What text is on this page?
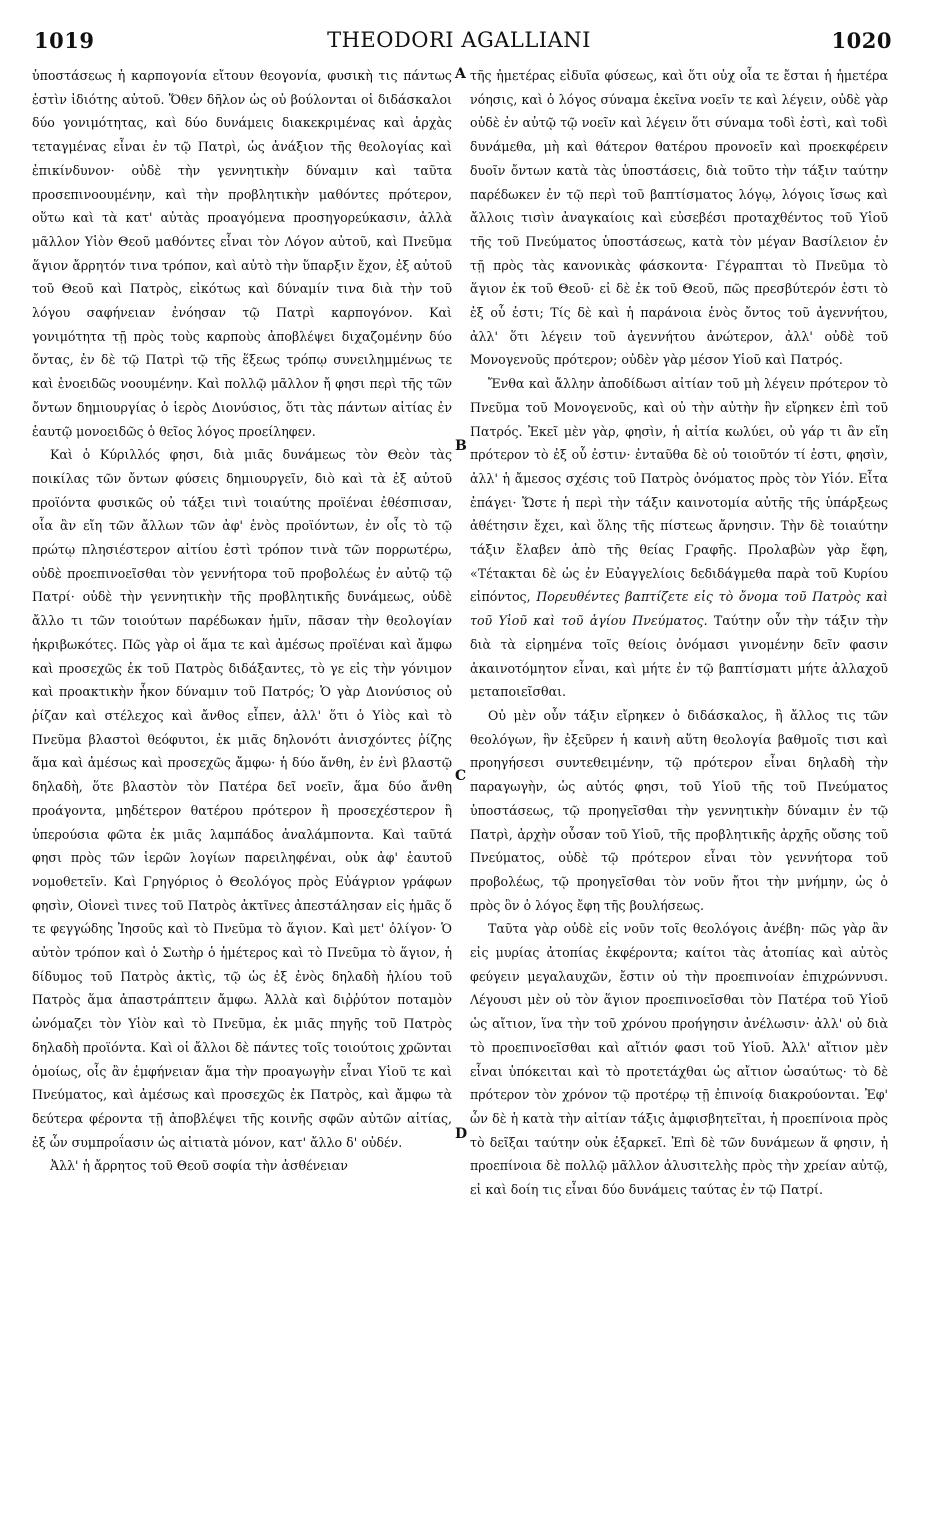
1019	THEODORI AGALLIANI	1020

ὑποστάσεως ἡ καρπογονία εἴτουν θεογονία, φυσικὴ τις πάντως ἐστὶν ἰδιότης αὐτοῦ. Ὅθεν δῆλον ὡς οὐ βούλονται οἱ διδάσκαλοι δύο γονιμότητας, καὶ δύο δυνάμεις διακεκριμένας καὶ ἀρχὰς τεταγμένας εἶναι ἐν τῷ Πατρὶ, ὡς ἀνάξιον τῆς θεολογίας καὶ ἐπικίνδυνον· οὐδὲ τὴν γεννητικὴν δύναμιν καὶ ταῦτα προσεπινοουμένην, καὶ τὴν προβλητικὴν μαθόντες πρότερον, οὕτω καὶ τὰ κατ' αὐτὰς προαγόμενα προσηγορεύκασιν, ἀλλὰ μᾶλλον Υἱὸν Θεοῦ μαθόντες εἶναι τὸν Λόγον αὐτοῦ, καὶ Πνεῦμα ἅγιον ἄρρητόν τινα τρόπον, καὶ αὐτὸ τὴν ὕπαρξιν ἔχον, ἐξ αὐτοῦ τοῦ Θεοῦ καὶ Πατρὸς, εἰκότως καὶ δύναμίν τινα διὰ τὴν τοῦ λόγου σαφήνειαν ἐνόησαν τῷ Πατρὶ καρπογόνον. Καὶ γονιμότητα τῇ πρὸς τοὺς καρποὺς ἀποβλέψει διχαζομένην δύο ὄντας, ἐν δὲ τῷ Πατρὶ τῷ τῆς ἕξεως τρόπῳ συνειλημμένως τε καὶ ἑνοειδῶς νοουμένην. Καὶ πολλῷ μᾶλλον ἤ φησι περὶ τῆς τῶν ὄντων δημιουργίας ὁ ἱερὸς Διονύσιος, ὅτι τὰς πάντων αἰτίας ἐν ἑαυτῷ μονοειδῶς ὁ θεῖος λόγος προείληφεν.

Καὶ ὁ Κύριλλός φησι, διὰ μιᾶς δυνάμεως τὸν Θεὸν τὰς ποικίλας τῶν ὄντων φύσεις δημιουργεῖν, διὸ καὶ τὰ ἐξ αὐτοῦ προϊόντα φυσικῶς οὐ τάξει τινὶ τοιαύτης προϊέναι ἐθέσπισαν, οἷα ἂν εἴη τῶν ἄλλων τῶν ἀφ' ἑνὸς προϊόντων, ἐν οἷς τὸ τῷ πρώτῳ πλησιέστερον αἰτίου ἐστὶ τρόπον τινὰ τῶν πορρωτέρω, οὐδὲ προεπινοεῖσθαι τὸν γεννήτορα τοῦ προβολέως ἐν αὐτῷ τῷ Πατρί· οὐδὲ τὴν γεννητικὴν τῆς προβλητικῆς δυνάμεως, οὐδὲ ἄλλο τι τῶν τοιούτων παρέδωκαν ἡμῖν, πᾶσαν τὴν θεολογίαν ἠκριβωκότες. Πῶς γὰρ οἱ ἅμα τε καὶ ἀμέσως προϊέναι καὶ ἄμφω καὶ προσεχῶς ἐκ τοῦ Πατρὸς διδάξαντες, τὸ γε εἰς τὴν γόνιμον καὶ προακτικὴν ἧκον δύναμιν τοῦ Πατρός; Ὁ γὰρ Διονύσιος οὐ ῥίζαν καὶ στέλεχος καὶ ἄνθος εἶπεν, ἀλλ' ὅτι ὁ Υἱὸς καὶ τὸ Πνεῦμα βλαστοὶ θεόφυτοι, ἐκ μιᾶς δηλονότι ἀνισχόντες ῥίζης ἅμα καὶ ἀμέσως καὶ προσεχῶς ἄμφω· ἡ δύο ἄνθη, ἐν ἑνὶ βλαστῷ δηλαδὴ, ὅτε βλαστὸν τὸν Πατέρα δεῖ νοεῖν, ἅμα δύο ἄνθη προάγοντα, μηδέτερον θατέρου πρότερον ἢ προσεχέστερον ἢ ὑπερούσια φῶτα ἐκ μιᾶς λαμπάδος ἀναλάμποντα. Καὶ ταῦτά φησι πρὸς τῶν ἱερῶν λογίων παρειληφέναι, οὐκ ἀφ' ἑαυτοῦ νομοθετεῖν. Καὶ Γρηγόριος ὁ Θεολόγος πρὸς Εὐάγριον γράφων φησὶν, Οἱονεὶ τινες τοῦ Πατρὸς ἀκτῖνες ἀπεστάλησαν εἰς ἡμᾶς ὅ τε φεγγώδης Ἰησοῦς καὶ τὸ Πνεῦμα τὸ ἅγιον. Καὶ μετ' ὀλίγον· Ὁ αὐτὸν τρόπον καὶ ὁ Σωτὴρ ὁ ἡμέτερος καὶ τὸ Πνεῦμα τὸ ἅγιον, ἡ δίδυμος τοῦ Πατρὸς ἀκτὶς, τῷ ὡς ἐξ ἑνὸς δηλαδὴ ἡλίου τοῦ Πατρὸς ἅμα ἀπαστράπτειν ἄμφω. Ἀλλὰ καὶ διῤῥύτον ποταμὸν ὠνόμαζει τὸν Υἱὸν καὶ τὸ Πνεῦμα, ἐκ μιᾶς πηγῆς τοῦ Πατρὸς δηλαδὴ προϊόντα. Καὶ οἱ ἄλλοι δὲ πάντες τοῖς τοιούτοις χρῶνται ὁμοίως, οἷς ἂν ἐμφήνειαν ἅμα τὴν προαγωγὴν εἶναι Υἱοῦ τε καὶ Πνεύματος, καὶ ἀμέσως καὶ προσεχῶς ἐκ Πατρὸς, καὶ ἄμφω τὰ δεύτερα φέροντα τῇ ἀποβλέψει τῆς κοινῆς σφῶν αὐτῶν αἰτίας, ἐξ ὧν συμπροΐασιν ὡς αἰτιατὰ μόνον, κατ' ἄλλο δ' οὐδέν.

Ἀλλ' ἡ ἄρρητος τοῦ Θεοῦ σοφία τὴν ἀσθένειαν

A
B
C
D

τῆς ἡμετέρας εἰδυῖα φύσεως, καὶ ὅτι οὐχ οἷα τε ἔσται ἡ ἡμετέρα νόησις, καὶ ὁ λόγος σύναμα ἐκεῖνα νοεῖν τε καὶ λέγειν, οὐδὲ γὰρ οὐδὲ ἐν αὐτῷ τῷ νοεῖν καὶ λέγειν ὅτι σύναμα τοδὶ ἐστὶ, καὶ τοδὶ δυνάμεθα, μὴ καὶ θάτερον θατέρου προνοεῖν καὶ προεκφέρειν δυοῖν ὄντων κατὰ τὰς ὑποστάσεις, διὰ τοῦτο τὴν τάξιν ταύτην παρέδωκεν ἐν τῷ περὶ τοῦ βαπτίσματος λόγῳ, λόγοις ἴσως καὶ ἄλλοις τισὶν ἀναγκαίοις καὶ εὐσεβέσι προταχθέντος τοῦ Υἱοῦ τῆς τοῦ Πνεύματος ὑποστάσεως, κατὰ τὸν μέγαν Βασίλειον ἐν τῇ πρὸς τὰς κανονικὰς φάσκοντα· Γέγραπται τὸ Πνεῦμα τὸ ἅγιον ἐκ τοῦ Θεοῦ· εἰ δὲ ἐκ τοῦ Θεοῦ, πῶς πρεσβύτερόν ἐστι τὸ ἐξ οὗ ἐστι; Τίς δὲ καὶ ἡ παράνοια ἑνὸς ὄντος τοῦ ἀγεννήτου, ἀλλ' ὅτι λέγειν τοῦ ἀγεννήτου ἀνώτερον, ἀλλ' οὐδὲ τοῦ Μονογενοῦς πρότερον; οὐδὲν γὰρ μέσον Υἱοῦ καὶ Πατρός.

Ἔνθα καὶ ἄλλην ἀποδίδωσι αἰτίαν τοῦ μὴ λέγειν πρότερον τὸ Πνεῦμα τοῦ Μονογενοῦς, καὶ οὐ τὴν αὐτὴν ἣν εἴρηκεν ἐπὶ τοῦ Πατρός. Ἐκεῖ μὲν γὰρ, φησὶν, ἡ αἰτία κωλύει, οὐ γάρ τι ἂν εἴη πρότερον τὸ ἐξ οὗ ἐστιν· ἐνταῦθα δὲ οὐ τοιοῦτόν τί ἐστι, φησὶν, ἀλλ' ἡ ἄμεσος σχέσις τοῦ Πατρὸς ὀνόματος πρὸς τὸν Υἱόν. Εἶτα ἐπάγει· Ὥστε ἡ περὶ τὴν τάξιν καινοτομία αὐτῆς τῆς ὑπάρξεως ἀθέτησιν ἔχει, καὶ ὅλης τῆς πίστεως ἄρνησιν. Τὴν δὲ τοιαύτην τάξιν ἔλαβεν ἀπὸ τῆς θείας Γραφῆς. Προλαβὼν γὰρ ἔφη, «Τέτακται δὲ ὡς ἐν Εὐαγγελίοις δεδιδάγμεθα παρὰ τοῦ Κυρίου εἰπόντος, Πορευθέντες βαπτίζετε εἰς τὸ ὄνομα τοῦ Πατρὸς καὶ τοῦ Υἱοῦ καὶ τοῦ ἁγίου Πνεύματος. Ταύτην οὖν τὴν τάξιν τὴν διὰ τὰ εἰρημένα τοῖς θείοις ὀνόμασι γινομένην δεῖν φασιν ἀκαινοτόμητον εἶναι, καὶ μήτε ἐν τῷ βαπτίσματι μήτε ἀλλαχοῦ μεταποιεῖσθαι.

Οὐ μὲν οὖν τάξιν εἴρηκεν ὁ διδάσκαλος, ἢ ἄλλος τις τῶν θεολόγων, ἣν ἐξεῦρεν ἡ καινὴ αὕτη θεολογία βαθμοῖς τισι καὶ προηγήσεσι συντεθειμένην, τῷ πρότερον εἶναι δηλαδὴ τὴν παραγωγὴν, ὡς αὐτός φησι, τοῦ Υἱοῦ τῆς τοῦ Πνεύματος ὑποστάσεως, τῷ προηγεῖσθαι τὴν γεννητικὴν δύναμιν ἐν τῷ Πατρὶ, ἀρχὴν οὖσαν τοῦ Υἱοῦ, τῆς προβλητικῆς ἀρχῆς οὔσης τοῦ Πνεύματος, οὐδὲ τῷ πρότερον εἶναι τὸν γεννήτορα τοῦ προβολέως, τῷ προηγεῖσθαι τὸν νοῦν ἤτοι τὴν μνήμην, ὡς ὁ πρὸς ὃν ὁ λόγος ἔφη τῆς βουλήσεως.

Ταῦτα γὰρ οὐδὲ εἰς νοῦν τοῖς θεολόγοις ἀνέβη· πῶς γὰρ ἂν εἰς μυρίας ἀτοπίας ἐκφέροντα; καίτοι τὰς ἀτοπίας καὶ αὐτὸς φεύγειν μεγαλαυχῶν, ἔστιν οὐ τὴν προεπινοίαν ἐπιχρώννυσι. Λέγουσι μὲν οὐ τὸν ἅγιον προεπινοεῖσθαι τὸν Πατέρα τοῦ Υἱοῦ ὡς αἴτιον, ἵνα τὴν τοῦ χρόνου προήγησιν ἀνέλωσιν· ἀλλ' οὐ διὰ τὸ προεπινοεῖσθαι καὶ αἴτιόν φασι τοῦ Υἱοῦ. Ἀλλ' αἴτιον μὲν εἶναι ὑπόκειται καὶ τὸ προτετάχθαι ὡς αἴτιον ὡσαύτως· τὸ δὲ πρότερον τὸν χρόνον τῷ προτέρῳ τῇ ἐπινοίᾳ διακρούονται. Ἐφ' ὧν δὲ ἡ κατὰ τὴν αἰτίαν τάξις ἀμφισβητεῖται, ἡ προεπίνοια πρὸς τὸ δεῖξαι ταύτην οὐκ ἐξαρκεῖ. Ἐπὶ δὲ τῶν δυνάμεων ἅ φησιν, ἡ προεπίνοια δὲ πολλῷ μᾶλλον ἀλυσιτελὴς πρὸς τὴν χρείαν αὐτῷ, εἰ καὶ δοίη τις εἶναι δύο δυνάμεις ταύτας ἐν τῷ Πατρί.
